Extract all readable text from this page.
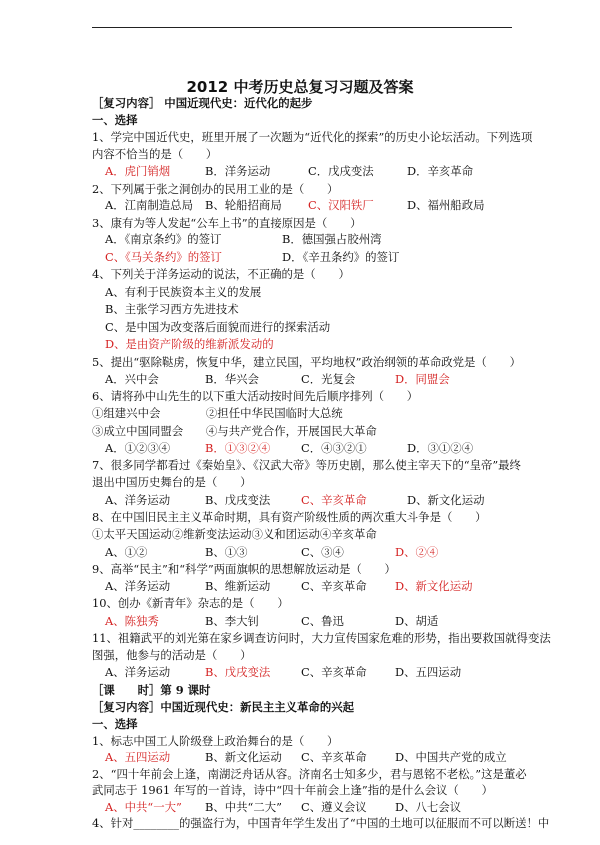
2012 中考历史总复习习题及答案
［复习内容］ 中国近现代史：近代化的起步
一、选择
1、学完中国近代史，班里开展了一次题为“近代化的探索”的历史小论坛活动。下列选项
内容不恰当的是（　　）
A．虎门销烟	B．洋务运动	C．戊戌变法	D．辛亥革命
2、下列属于张之洞创办的民用工业的是（　　）
A．江南制造总局 B、轮船招商局 C、汉阳铁厂	D、福州船政局
3、康有为等人发起“公车上书”的直接原因是（　　）
A．《南京条约》的签订	B．德国强占胶州湾
C、《马关条约》的签订	D．《辛丑条约》的签订
4、下列关于洋务运动的说法，不正确的是（　　）
A、有利于民族资本主义的发展
B、主张学习西方先进技术
C、是中国为改变落后面貌而进行的探索活动
D、是由资产阶级的维新派发动的
5、提出“驱除鞑虏，恢复中华，建立民国，平均地权”政治纲领的革命政党是（　　）
A．兴中会	B．华兴会	C．光复会	D．同盟会
6、请将孙中山先生的以下重大活动按时间先后顺序排列（　　）
①组建兴中会　　　　②担任中华民国临时大总统
③成立中国同盟会　　④与共产党合作，开展国民大革命
A．①②③④	B．①③②④	C．④③②①	D．③①②④
7、很多同学都看过《秦始皇》、《汉武大帝》等历史剧，那么使主宰天下的“皇帝”最终
退出中国历史舞台的是（　　）
A、洋务运动	B、戊戌变法	C、辛亥革命	D、新文化运动
8、在中国旧民主主义革命时期，具有资产阶级性质的两次重大斗争是（　　）
①太平天国运动②维新变法运动③义和团运动④辛亥革命
A、①②	B、①③	C、③④	D、②④
9、高举“民主”和“科学”两面旗帜的思想解放运动是（　　）
A、洋务运动	B、维新运动	C、辛亥革命 D、新文化运动
10、创办《新青年》杂志的是（　　）
A、陈独秀	B、李大钊	C、鲁迅	D、胡适
11、祖籍武平的刘光第在家乡调查访问时，大力宣传国家危难的形势，指出要救国就得变法
图强，他参与的活动是（　　）
A、洋务运动	B、戊戌变法	C、辛亥革命 D、五四运动
［课　　时］第 9 课时
［复习内容］中国近现代史：新民主主义革命的兴起
一、选择
1、标志中国工人阶级登上政治舞台的是（　　）
A、五四运动	B、新文化运动 C、辛亥革命 D、中国共产党的成立
2、“四十年前会上逢，南湖泛舟话从容。济南名士知多少，君与恩铭不老松。”这是董必
武同志于 1961 年写的一首诗，诗中“四十年前会上逢”指的是什么会议（　　）
A、中共“一大” B、中共“二大” C、遵义会议 D、八七会议
4、针对________的强盗行为，中国青年学生发出了“中国的土地可以征服而不可以断送！中
